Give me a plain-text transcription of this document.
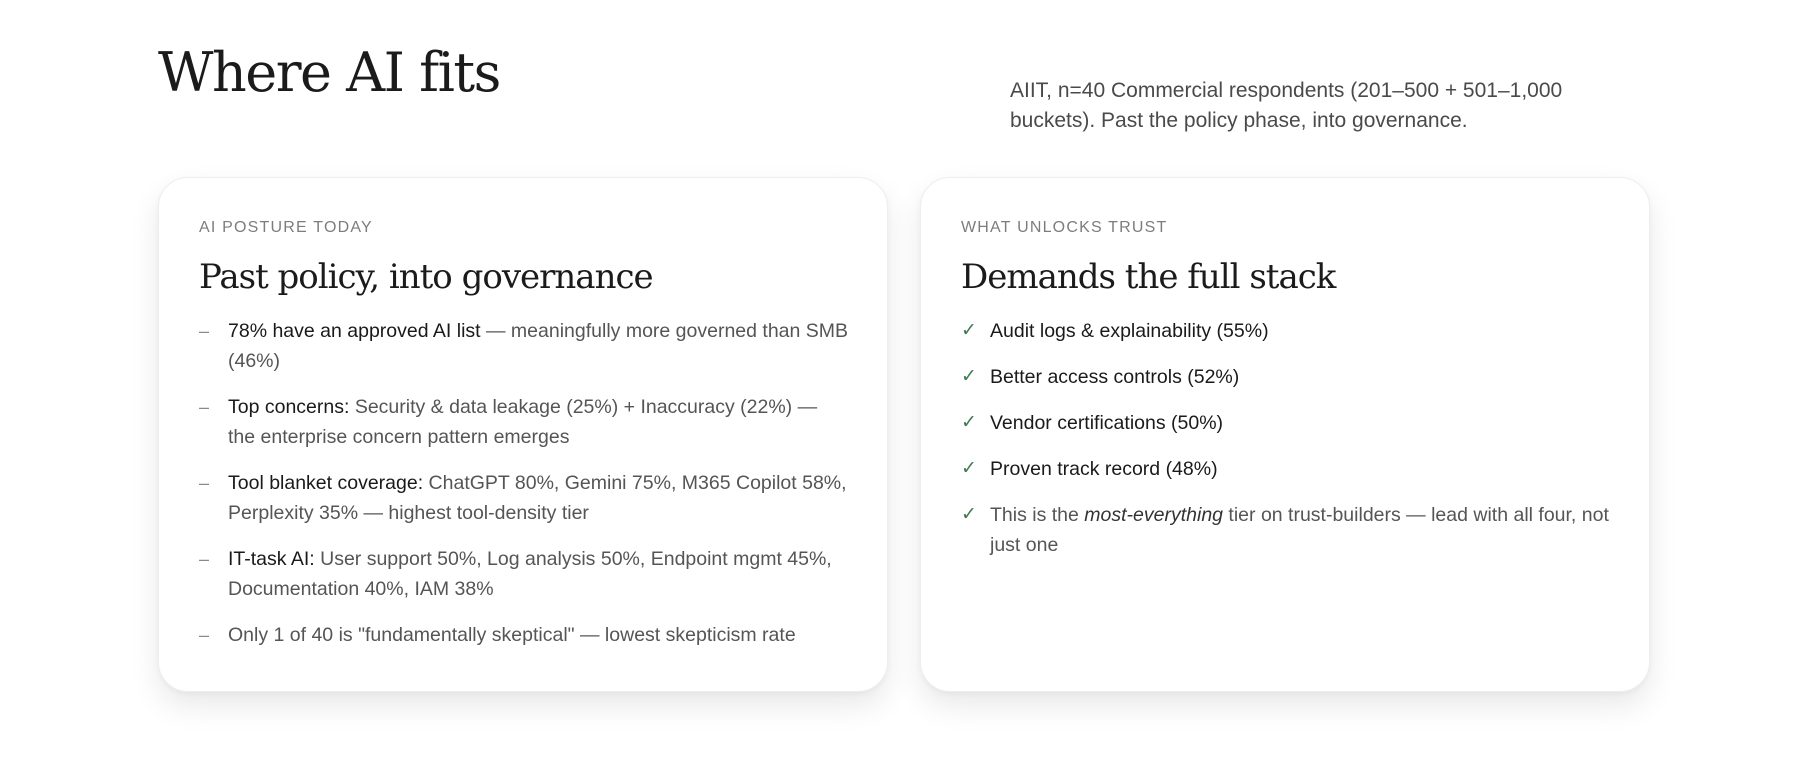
Where AI fits	AIIT, n=40 Commercial respondents (201–500 + 501–1,000 buckets). Past the policy phase, into governance.

AI POSTURE TODAY
Past policy, into governance
– 78% have an approved AI list — meaningfully more governed than SMB (46%)
– Top concerns: Security & data leakage (25%) + Inaccuracy (22%) — the enterprise concern pattern emerges
– Tool blanket coverage: ChatGPT 80%, Gemini 75%, M365 Copilot 58%, Perplexity 35% — highest tool-density tier
– IT-task AI: User support 50%, Log analysis 50%, Endpoint mgmt 45%, Documentation 40%, IAM 38%
– Only 1 of 40 is "fundamentally skeptical" — lowest skepticism rate
WHAT UNLOCKS TRUST
Demands the full stack
✓ Audit logs & explainability (55%)
✓ Better access controls (52%)
✓ Vendor certifications (50%)
✓ Proven track record (48%)
✓ This is the most-everything tier on trust-builders — lead with all four, not just one
